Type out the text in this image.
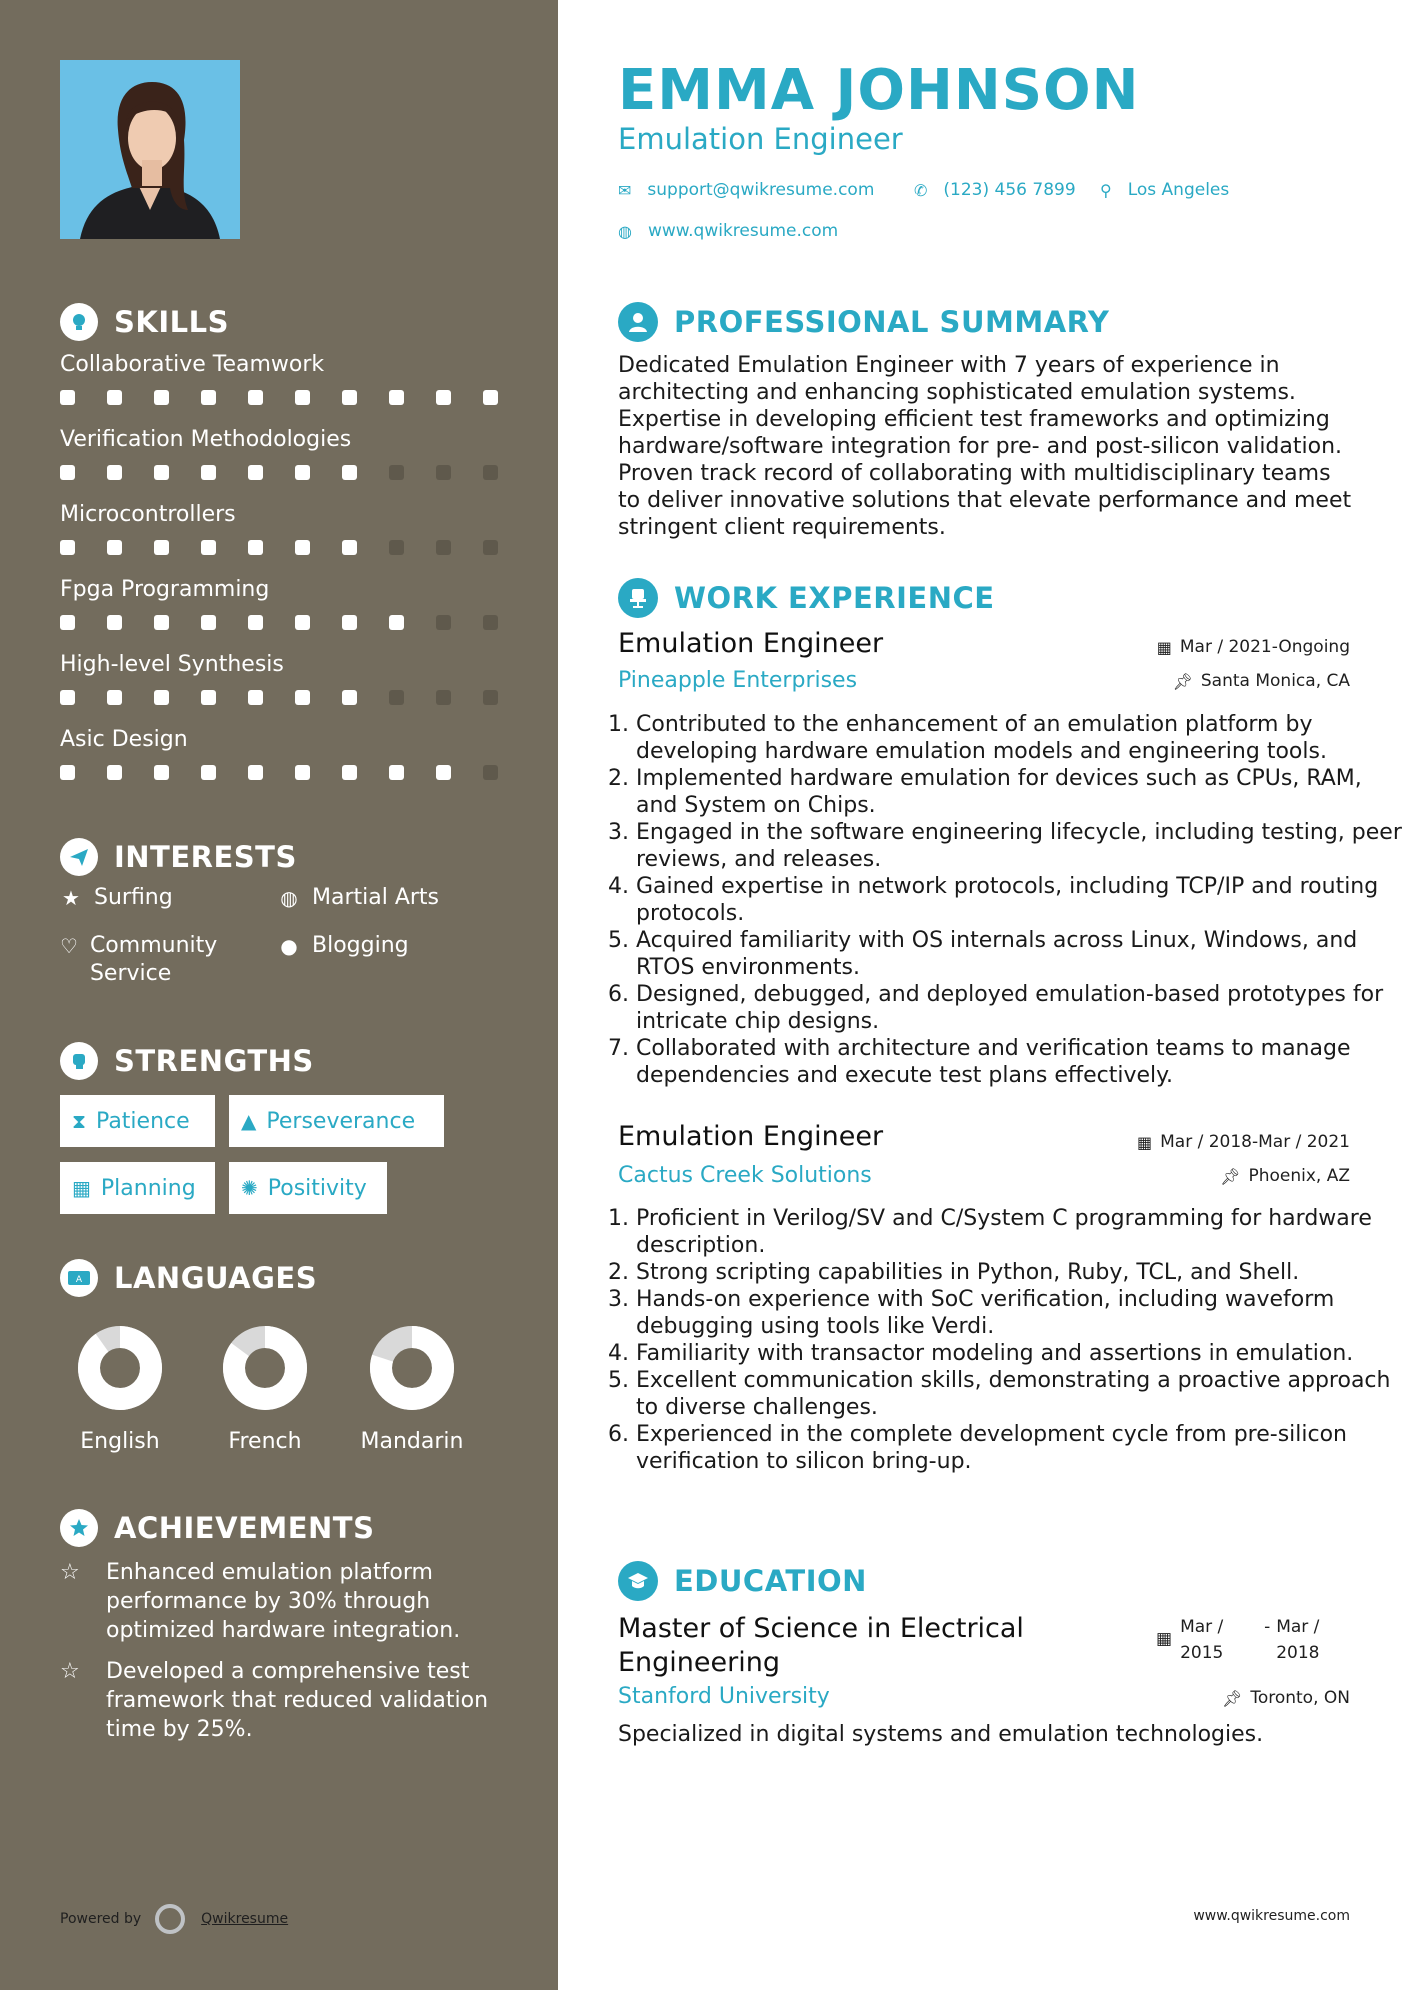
SKILLS
Collaborative Teamwork
Verification Methodologies
Microcontrollers
Fpga Programming
High-level Synthesis
Asic Design
INTERESTS
★ Surfing	◍ Martial Arts
♡ Community Service
● Blogging
STRENGTHS
⧗ Patience	▲ Perseverance
▦ Planning ✺ Positivity
A LANGUAGES
English	French	Mandarin
ACHIEVEMENTS
☆	Enhanced emulation platform performance by 30% through optimized hardware integration.
☆	Developed a comprehensive test framework that reduced validation time by 25%.
Powered by	Qwikresume
EMMA JOHNSON
Emulation Engineer
✉ support@qwikresume.com ✆ (123) 456 7899 ⚲ Los Angeles
◍ www.qwikresume.com
PROFESSIONAL SUMMARY
Dedicated Emulation Engineer with 7 years of experience in architecting and enhancing sophisticated emulation systems. Expertise in developing efficient test frameworks and optimizing hardware/software integration for pre- and post-silicon validation. Proven track record of collaborating with multidisciplinary teams to deliver innovative solutions that elevate performance and meet stringent client requirements.
WORK EXPERIENCE
Emulation Engineer	▦ Mar / 2021-Ongoing
Pineapple Enterprises	📌︎ Santa Monica, CA
1. Contributed to the enhancement of an emulation platform by developing hardware emulation models and engineering tools.
2. Implemented hardware emulation for devices such as CPUs, RAM, and System on Chips.
3. Engaged in the software engineering lifecycle, including testing, peer reviews, and releases.
4. Gained expertise in network protocols, including TCP/IP and routing protocols.
5. Acquired familiarity with OS internals across Linux, Windows, and RTOS environments.
6. Designed, debugged, and deployed emulation-based prototypes for intricate chip designs.
7. Collaborated with architecture and verification teams to manage dependencies and execute test plans effectively.
Emulation Engineer	▦ Mar / 2018-Mar / 2021
Cactus Creek Solutions	📌︎ Phoenix, AZ
1. Proficient in Verilog/SV and C/System C programming for hardware description.
2. Strong scripting capabilities in Python, Ruby, TCL, and Shell.
3. Hands-on experience with SoC verification, including waveform debugging using tools like Verdi.
4. Familiarity with transactor modeling and assertions in emulation.
5. Excellent communication skills, demonstrating a proactive approach to diverse challenges.
6. Experienced in the complete development cycle from pre-silicon verification to silicon bring-up.
EDUCATION
Master of Science in Electrical Engineering
▦
Mar / 2015
- Mar / 2018
Stanford University	📌︎ Toronto, ON
Specialized in digital systems and emulation technologies.
www.qwikresume.com
